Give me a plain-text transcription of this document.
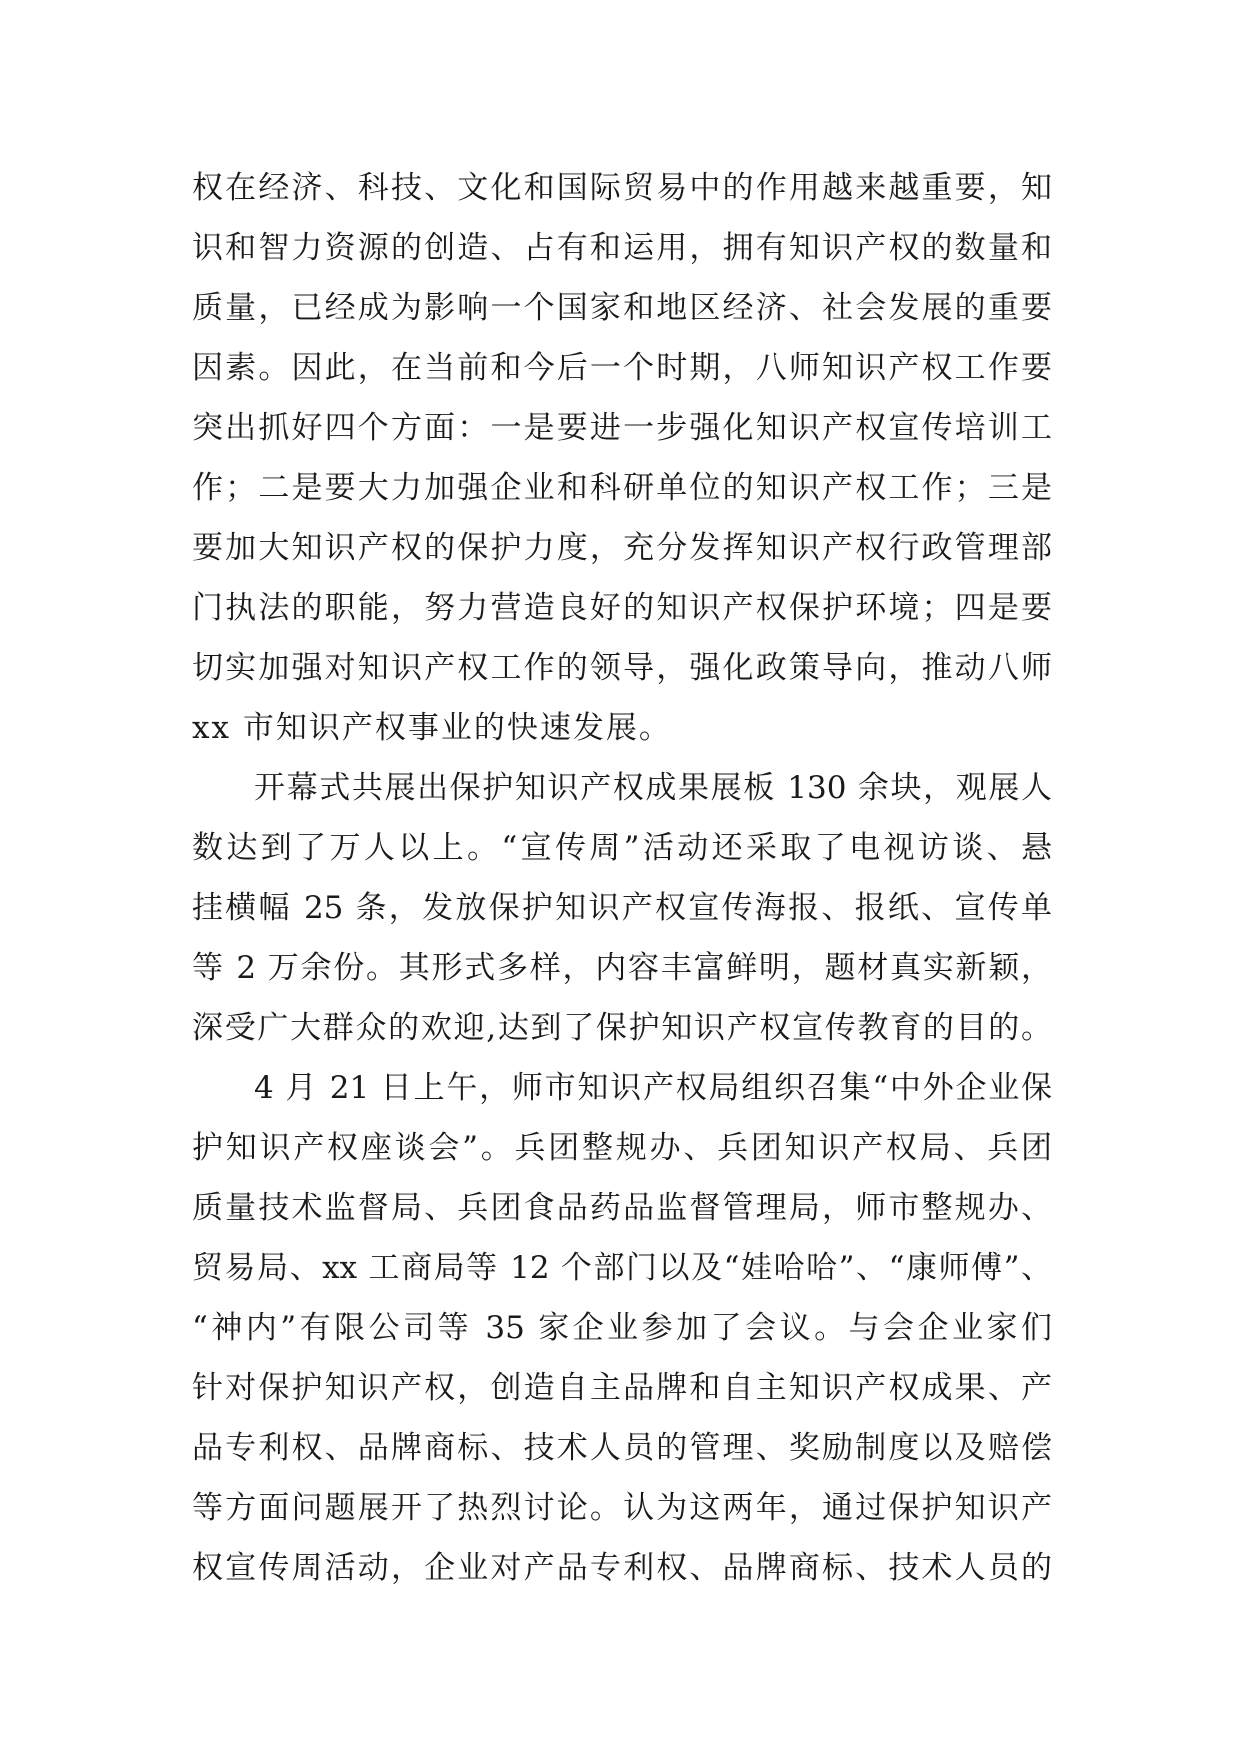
权在经济、科技、文化和国际贸易中的作用越来越重要，知
识和智力资源的创造、占有和运用，拥有知识产权的数量和
质量，已经成为影响一个国家和地区经济、社会发展的重要
因素。因此，在当前和今后一个时期，八师知识产权工作要
突出抓好四个方面：一是要进一步强化知识产权宣传培训工
作；二是要大力加强企业和科研单位的知识产权工作；三是
要加大知识产权的保护力度，充分发挥知识产权行政管理部
门执法的职能，努力营造良好的知识产权保护环境；四是要
切实加强对知识产权工作的领导，强化政策导向，推动八师
xx 市知识产权事业的快速发展。
开幕式共展出保护知识产权成果展板 130 余块，观展人
数达到了万人以上。“宣传周”活动还采取了电视访谈、悬
挂横幅 25 条，发放保护知识产权宣传海报、报纸、宣传单
等 2 万余份。其形式多样，内容丰富鲜明，题材真实新颖，
深受广大群众的欢迎,达到了保护知识产权宣传教育的目的。
4 月 21 日上午，师市知识产权局组织召集“中外企业保
护知识产权座谈会”。兵团整规办、兵团知识产权局、兵团
质量技术监督局、兵团食品药品监督管理局，师市整规办、
贸易局、xx 工商局等 12 个部门以及“娃哈哈”、“康师傅”、
“神内”有限公司等 35 家企业参加了会议。与会企业家们
针对保护知识产权，创造自主品牌和自主知识产权成果、产
品专利权、品牌商标、技术人员的管理、奖励制度以及赔偿
等方面问题展开了热烈讨论。认为这两年，通过保护知识产
权宣传周活动，企业对产品专利权、品牌商标、技术人员的
